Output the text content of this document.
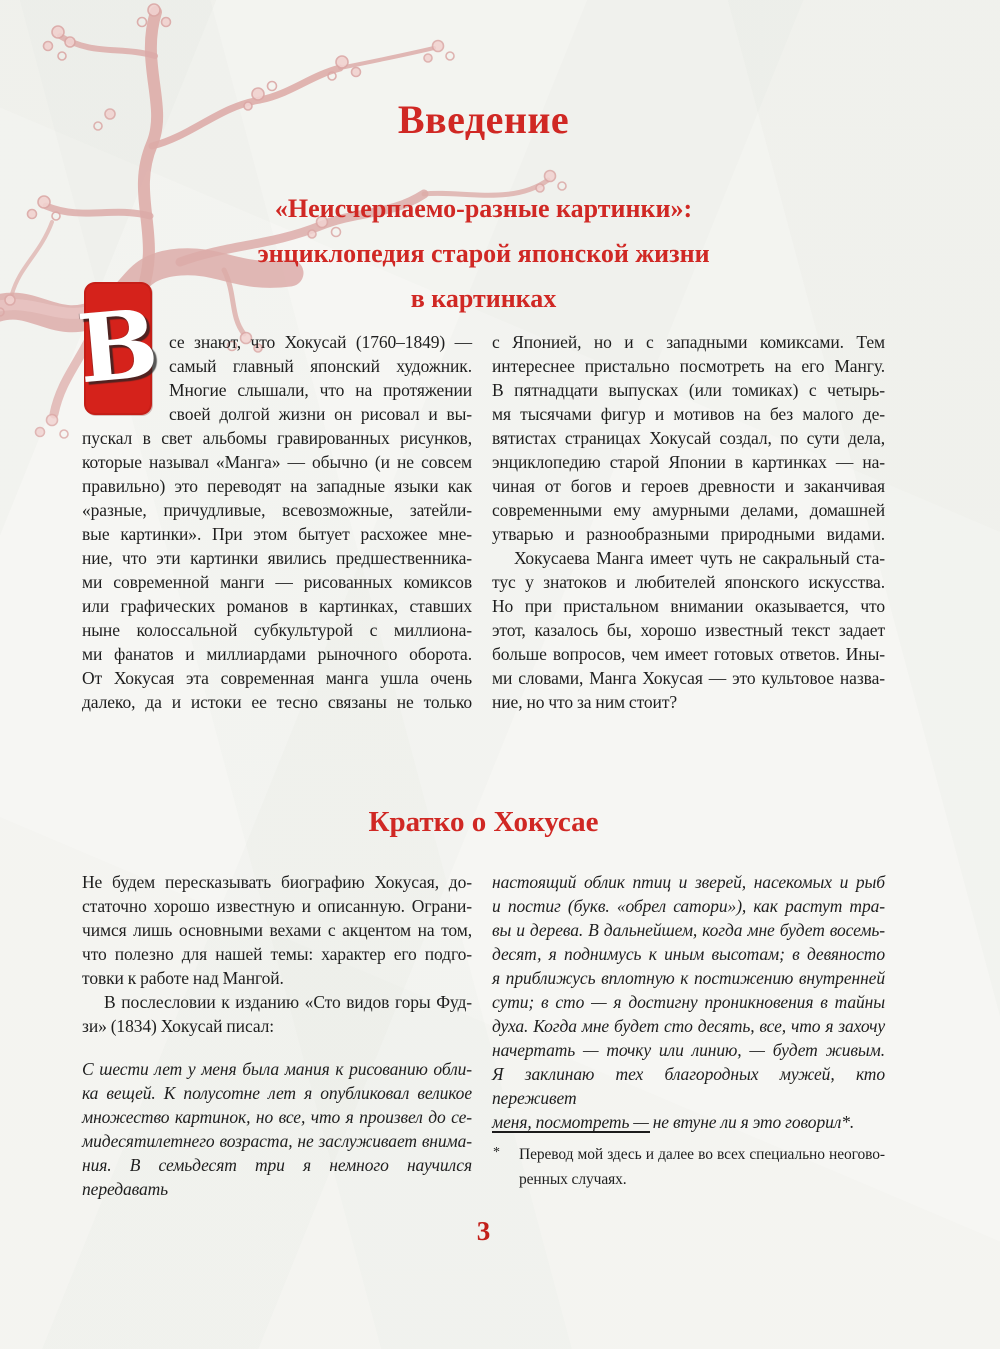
Введение
«Неисчерпаемо-разные картинки»:
энциклопедия старой японской жизни
в картинках
В се знают, что Хокусай (1760–1849) —
самый главный японский художник.
Многие слышали, что на протяжении
своей долгой жизни он рисовал и вы-
пускал в свет альбомы гравированных рисунков,
которые называл «Манга» — обычно (и не совсем
правильно) это переводят на западные языки как
«разные, причудливые, всевозможные, затейли-
вые картинки». При этом бытует расхожее мне-
ние, что эти картинки явились предшественника-
ми современной манги — рисованных комиксов
или графических романов в картинках, ставших
ныне колоссальной субкультурой с миллиона-
ми фанатов и миллиардами рыночного оборота.
От Хокусая эта современная манга ушла очень
далеко, да и истоки ее тесно связаны не только
с Японией, но и с западными комиксами. Тем
интереснее пристально посмотреть на его Мангу.
В пятнадцати выпусках (или томиках) с четырь-
мя тысячами фигур и мотивов на без малого де-
вятистах страницах Хокусай создал, по сути дела,
энциклопедию старой Японии в картинках — на-
чиная от богов и героев древности и заканчивая
современными ему амурными делами, домашней
утварью и разнообразными природными видами.
Хокусаева Манга имеет чуть не сакральный ста-
тус у знатоков и любителей японского искусства.
Но при пристальном внимании оказывается, что
этот, казалось бы, хорошо известный текст задает
больше вопросов, чем имеет готовых ответов. Ины-
ми словами, Манга Хокусая — это культовое назва-
ние, но что за ним стоит?
Кратко о Хокусае
Не будем пересказывать биографию Хокусая, до-
статочно хорошо известную и описанную. Ограни-
чимся лишь основными вехами с акцентом на том,
что полезно для нашей темы: характер его подго-
товки к работе над Мангой.
В послесловии к изданию «Сто видов горы Фуд-
зи» (1834) Хокусай писал:
С шести лет у меня была мания к рисованию обли-
ка вещей. К полусотне лет я опубликовал великое
множество картинок, но все, что я произвел до се-
мидесятилетнего возраста, не заслуживает внима-
ния. В семьдесят три я немного научился передавать
настоящий облик птиц и зверей, насекомых и рыб
и постиг (букв. «обрел сатори»), как растут тра-
вы и дерева. В дальнейшем, когда мне будет восемь-
десят, я поднимусь к иным высотам; в девяносто
я приближусь вплотную к постижению внутренней
сути; в сто — я достигну проникновения в тайны
духа. Когда мне будет сто десять, все, что я захочу
начертать — точку или линию, — будет живым.
Я заклинаю тех благородных мужей, кто переживет
меня, посмотреть — не втуне ли я это говорил*.
* Перевод мой здесь и далее во всех специально неогово-
ренных случаях.
3
